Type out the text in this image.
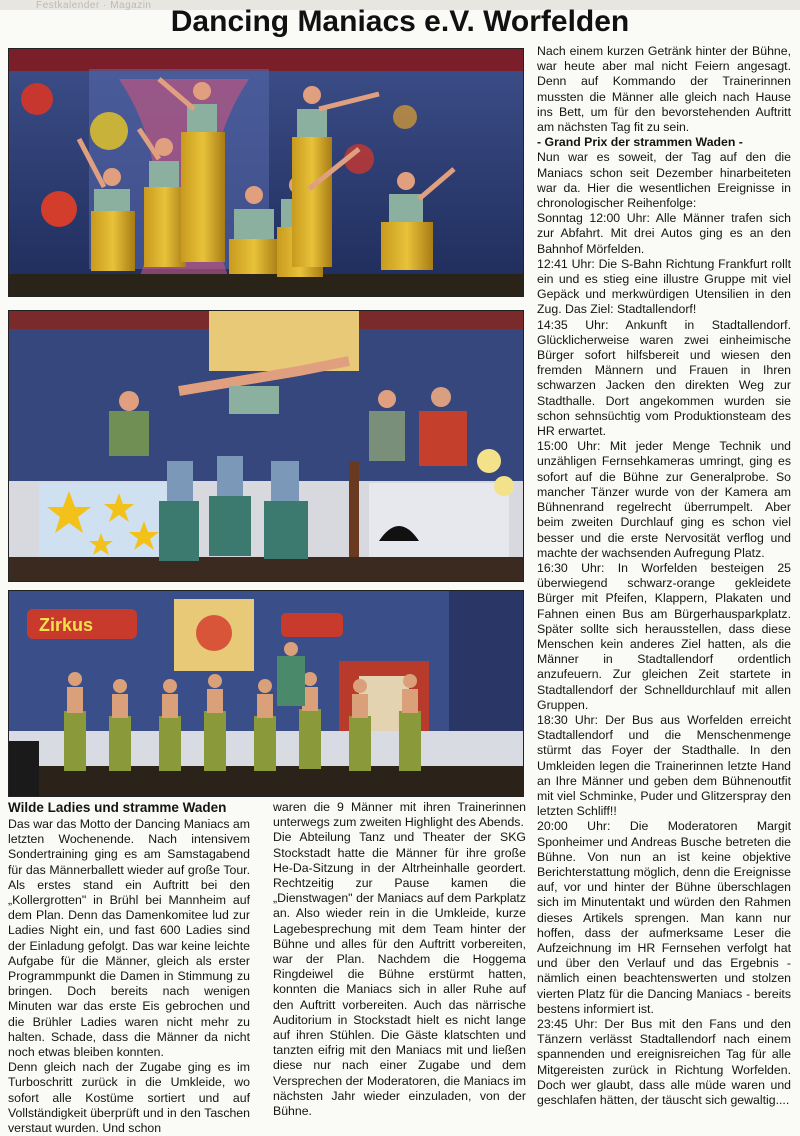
Festkalender · Magazin Dancing Maniacs e.V. Worfelden
Zirkus

Wilde Ladies und stramme Waden

Das war das Motto der Dancing Maniacs am letzten Wochenende. Nach intensivem Sondertraining ging es am Samstagabend für das Männerballett wieder auf große Tour. Als erstes stand ein Auftritt bei den „Kollergrotten" in Brühl bei Mannheim auf dem Plan. Denn das Damenkomitee lud zur Ladies Night ein, und fast 600 Ladies sind der Einladung gefolgt. Das war keine leichte Aufgabe für die Männer, gleich als erster Programmpunkt die Damen in Stimmung zu bringen. Doch bereits nach wenigen Minuten war das erste Eis gebrochen und die Brühler Ladies waren nicht mehr zu halten. Schade, dass die Männer da nicht noch etwas bleiben konnten.

Denn gleich nach der Zugabe ging es im Turboschritt zurück in die Umkleide, wo sofort alle Kostüme sortiert und auf Vollständigkeit überprüft und in den Taschen verstaut wurden. Und schon

waren die 9 Männer mit ihren Trainerinnen unterwegs zum zweiten Highlight des Abends.

Die Abteilung Tanz und Theater der SKG Stockstadt hatte die Männer für ihre große He-Da-Sitzung in der Altrheinhalle geordert. Rechtzeitig zur Pause kamen die „Dienstwagen" der Maniacs auf dem Parkplatz an. Also wieder rein in die Umkleide, kurze Lagebesprechung mit dem Team hinter der Bühne und alles für den Auftritt vorbereiten, war der Plan. Nachdem die Hoggema Ringdeiwel die Bühne erstürmt hatten, konnten die Maniacs sich in aller Ruhe auf den Auftritt vorbereiten. Auch das närrische Auditorium in Stockstadt hielt es nicht lange auf ihren Stühlen. Die Gäste klatschten und tanzten eifrig mit den Maniacs mit und ließen diese nur nach einer Zugabe und dem Versprechen der Moderatoren, die Maniacs im nächsten Jahr wieder einzuladen, von der Bühne.

Nach einem kurzen Getränk hinter der Bühne, war heute aber mal nicht Feiern angesagt. Denn auf Kommando der Trainerinnen mussten die Männer alle gleich nach Hause ins Bett, um für den bevorstehenden Auftritt am nächsten Tag fit zu sein.

- Grand Prix der strammen Waden -

Nun war es soweit, der Tag auf den die Maniacs schon seit Dezember hinarbeiteten war da. Hier die wesentlichen Ereignisse in chronologischer Reihenfolge:

Sonntag 12:00 Uhr: Alle Männer trafen sich zur Abfahrt. Mit drei Autos ging es an den Bahnhof Mörfelden.

12:41 Uhr: Die S-Bahn Richtung Frankfurt rollt ein und es stieg eine illustre Gruppe mit viel Gepäck und merkwürdigen Utensilien in den Zug. Das Ziel: Stadtallendorf!

14:35 Uhr: Ankunft in Stadtallendorf. Glücklicherweise waren zwei einheimische Bürger sofort hilfsbereit und wiesen den fremden Männern und Frauen in Ihren schwarzen Jacken den direkten Weg zur Stadthalle. Dort angekommen wurden sie schon sehnsüchtig vom Produktionsteam des HR erwartet.

15:00 Uhr: Mit jeder Menge Technik und unzähligen Fernsehkameras umringt, ging es sofort auf die Bühne zur Generalprobe. So mancher Tänzer wurde von der Kamera am Bühnenrand regelrecht überrumpelt. Aber beim zweiten Durchlauf ging es schon viel besser und die erste Nervosität verflog und machte der wachsenden Aufregung Platz.

16:30 Uhr: In Worfelden besteigen 25 überwiegend schwarz-orange gekleidete Bürger mit Pfeifen, Klappern, Plakaten und Fahnen einen Bus am Bürgerhausparkplatz. Später sollte sich herausstellen, dass diese Menschen kein anderes Ziel hatten, als die Männer in Stadtallendorf ordentlich anzufeuern. Zur gleichen Zeit startete in Stadtallendorf der Schnelldurchlauf mit allen Gruppen.

18:30 Uhr: Der Bus aus Worfelden erreicht Stadtallendorf und die Menschenmenge stürmt das Foyer der Stadthalle. In den Umkleiden legen die Trainerinnen letzte Hand an Ihre Männer und geben dem Bühnenoutfit mit viel Schminke, Puder und Glitzerspray den letzten Schliff!!

20:00 Uhr: Die Moderatoren Margit Sponheimer und Andreas Busche betreten die Bühne. Von nun an ist keine objektive Berichterstattung möglich, denn die Ereignisse auf, vor und hinter der Bühne überschlagen sich im Minutentakt und würden den Rahmen dieses Artikels sprengen. Man kann nur hoffen, dass der aufmerksame Leser die Aufzeichnung im HR Fernsehen verfolgt hat und über den Verlauf und das Ergebnis - nämlich einen beachtenswerten und stolzen vierten Platz für die Dancing Maniacs - bereits bestens informiert ist.

23:45 Uhr: Der Bus mit den Fans und den Tänzern verlässt Stadtallendorf nach einem spannenden und ereignisreichen Tag für alle Mitgereisten zurück in Richtung Worfelden. Doch wer glaubt, dass alle müde waren und geschlafen hätten, der täuscht sich gewaltig....
